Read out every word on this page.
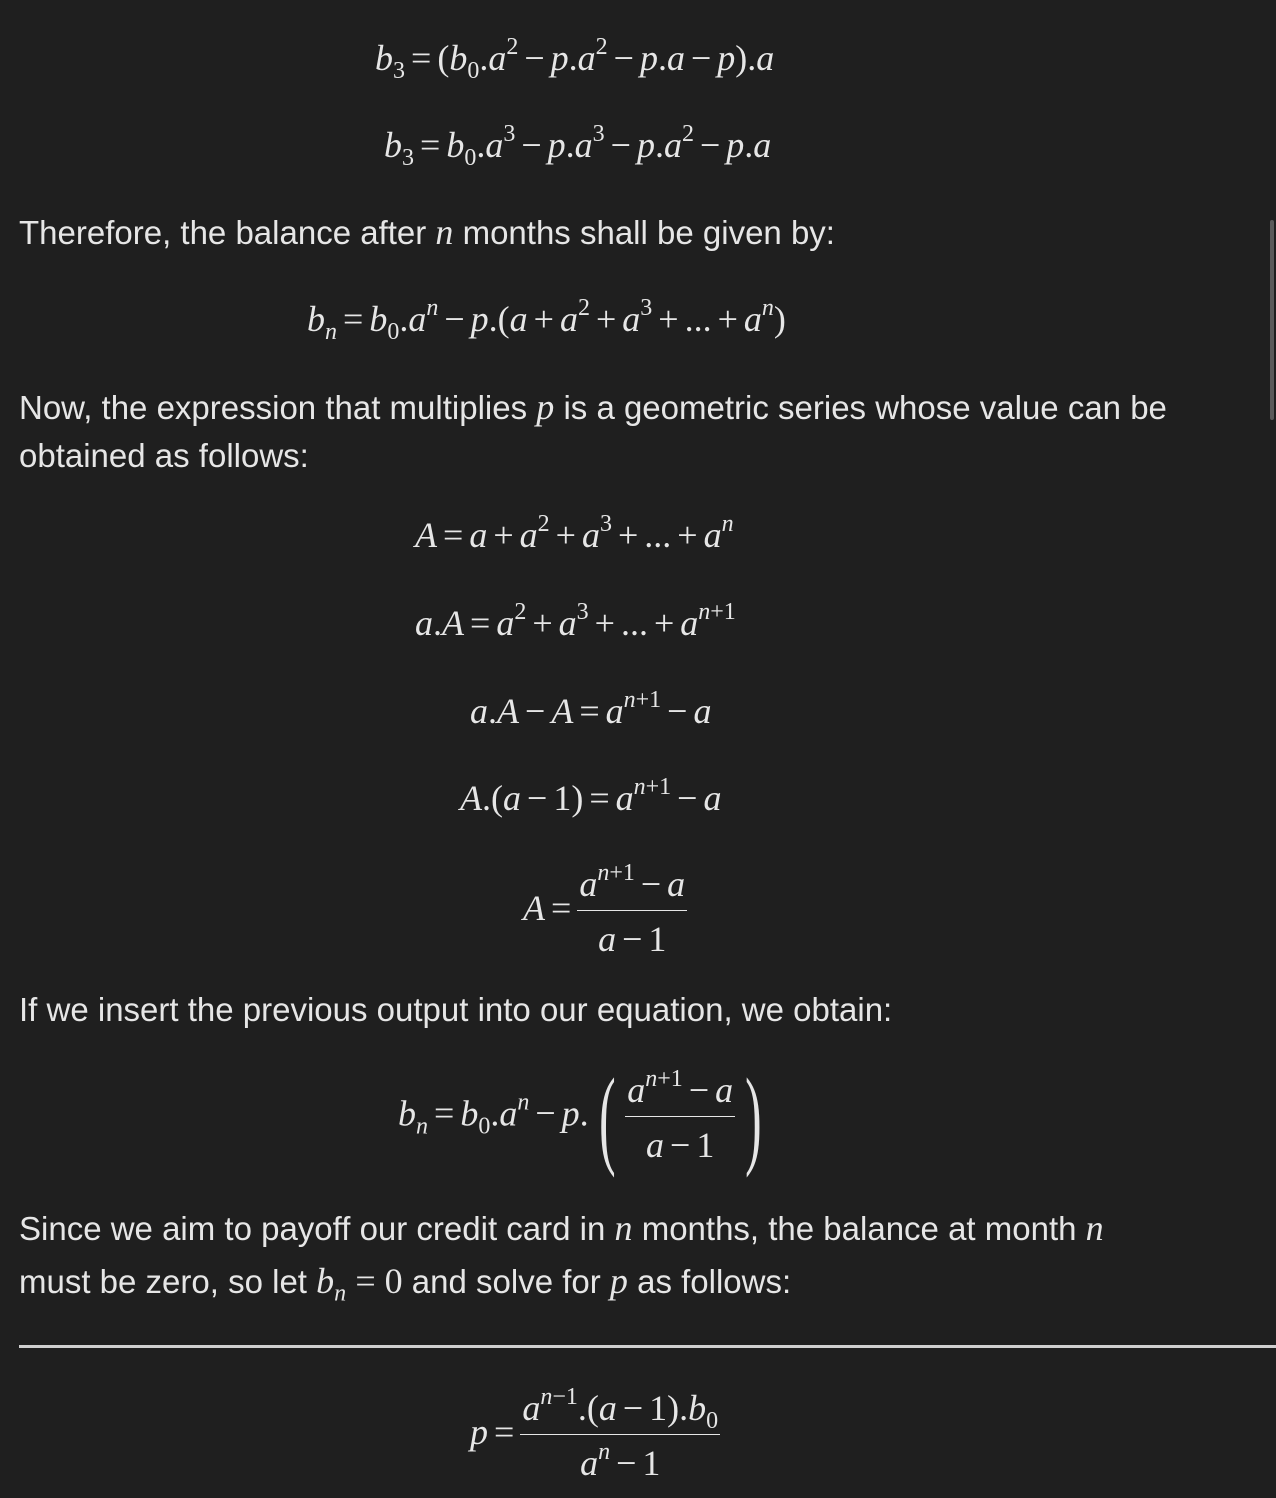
$b_3 = (b_0.a^2 - p.a^2 - p.a - p).a$
$b_3 = b_0.a^3 - p.a^3 - p.a^2 - p.a$
Therefore, the balance after n months shall be given by:
$b_n = b_0.a^n - p.(a + a^2 + a^3$ + ... + $a^n$)
Now, the expression that multiplies p is a geometric series whose value can be obtained as follows:
$A = a + a^2 + a^3$ + ... + $a^n$
$a.A = a^2 + a^3$ + ... + $a^{n+1}$
$a.A - A = a^{n+1} - a$
$A.(a - 1) = a^{n+1} - a$
$A = \frac{a^{n+1} - a}{a - 1}$
If we insert the previous output into our equation, we obtain:
$b_n = b_0.a^n - p.( \frac{a^{n+1} - a}{a - 1}$ )
Since we aim to payoff our credit card in n months, the balance at month n
must be zero, so let $b_n = 0$ and solve for p as follows:
$p = \frac{a^{n-1}.(a - 1).b_0}{a^n - 1}$
